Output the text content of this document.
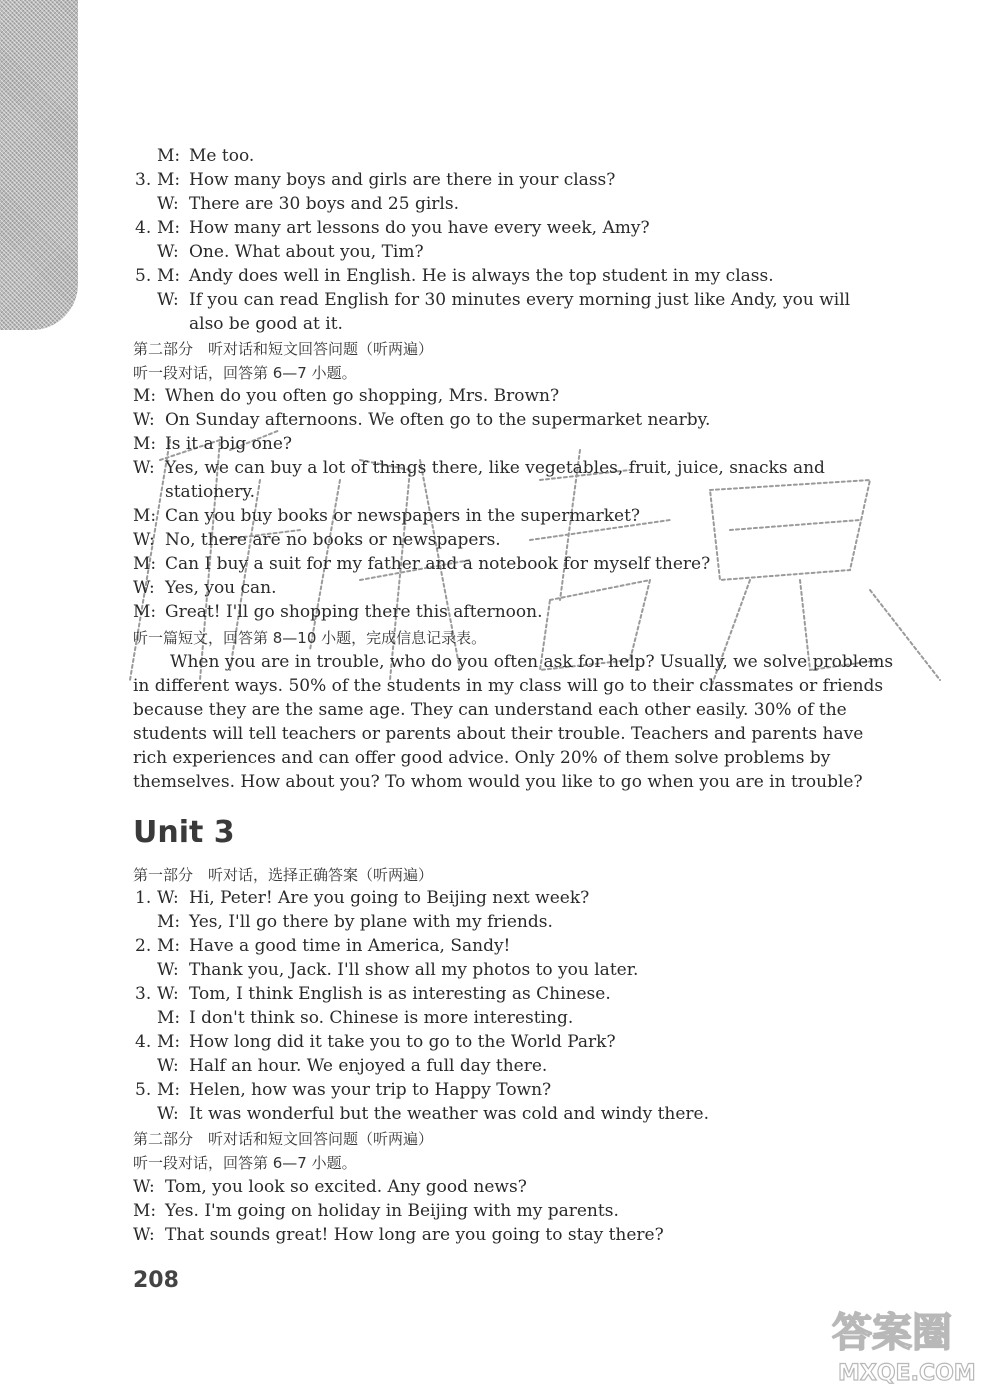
M: Me too.
3. M: How many boys and girls are there in your class?
W: There are 30 boys and 25 girls.
4. M: How many art lessons do you have every week, Amy?
W: One. What about you, Tim?
5. M: Andy does well in English. He is always the top student in my class.
W: If you can read English for 30 minutes every morning just like Andy, you will
also be good at it.
第二部分　听对话和短文回答问题（听两遍）
听一段对话，回答第 6—7 小题。
M: When do you often go shopping, Mrs. Brown?
W: On Sunday afternoons. We often go to the supermarket nearby.
M: Is it a big one?
W: Yes, we can buy a lot of things there, like vegetables, fruit, juice, snacks and
stationery.
M: Can you buy books or newspapers in the supermarket?
W: No, there are no books or newspapers.
M: Can I buy a suit for my father and a notebook for myself there?
W: Yes, you can.
M: Great! I'll go shopping there this afternoon.
听一篇短文，回答第 8—10 小题，完成信息记录表。
When you are in trouble, who do you often ask for help? Usually, we solve problems
in different ways. 50% of the students in my class will go to their classmates or friends
because they are the same age. They can understand each other easily. 30% of the
students will tell teachers or parents about their trouble. Teachers and parents have
rich experiences and can offer good advice. Only 20% of them solve problems by
themselves. How about you? To whom would you like to go when you are in trouble?
Unit 3
第一部分　听对话，选择正确答案（听两遍）
1. W: Hi, Peter! Are you going to Beijing next week?
M: Yes, I'll go there by plane with my friends.
2. M: Have a good time in America, Sandy!
W: Thank you, Jack. I'll show all my photos to you later.
3. W: Tom, I think English is as interesting as Chinese.
M: I don't think so. Chinese is more interesting.
4. M: How long did it take you to go to the World Park?
W: Half an hour. We enjoyed a full day there.
5. M: Helen, how was your trip to Happy Town?
W: It was wonderful but the weather was cold and windy there.
第二部分　听对话和短文回答问题（听两遍）
听一段对话，回答第 6—7 小题。
W: Tom, you look so excited. Any good news?
M: Yes. I'm going on holiday in Beijing with my parents.
W: That sounds great! How long are you going to stay there?
208
答案圈
MXQE.COM
